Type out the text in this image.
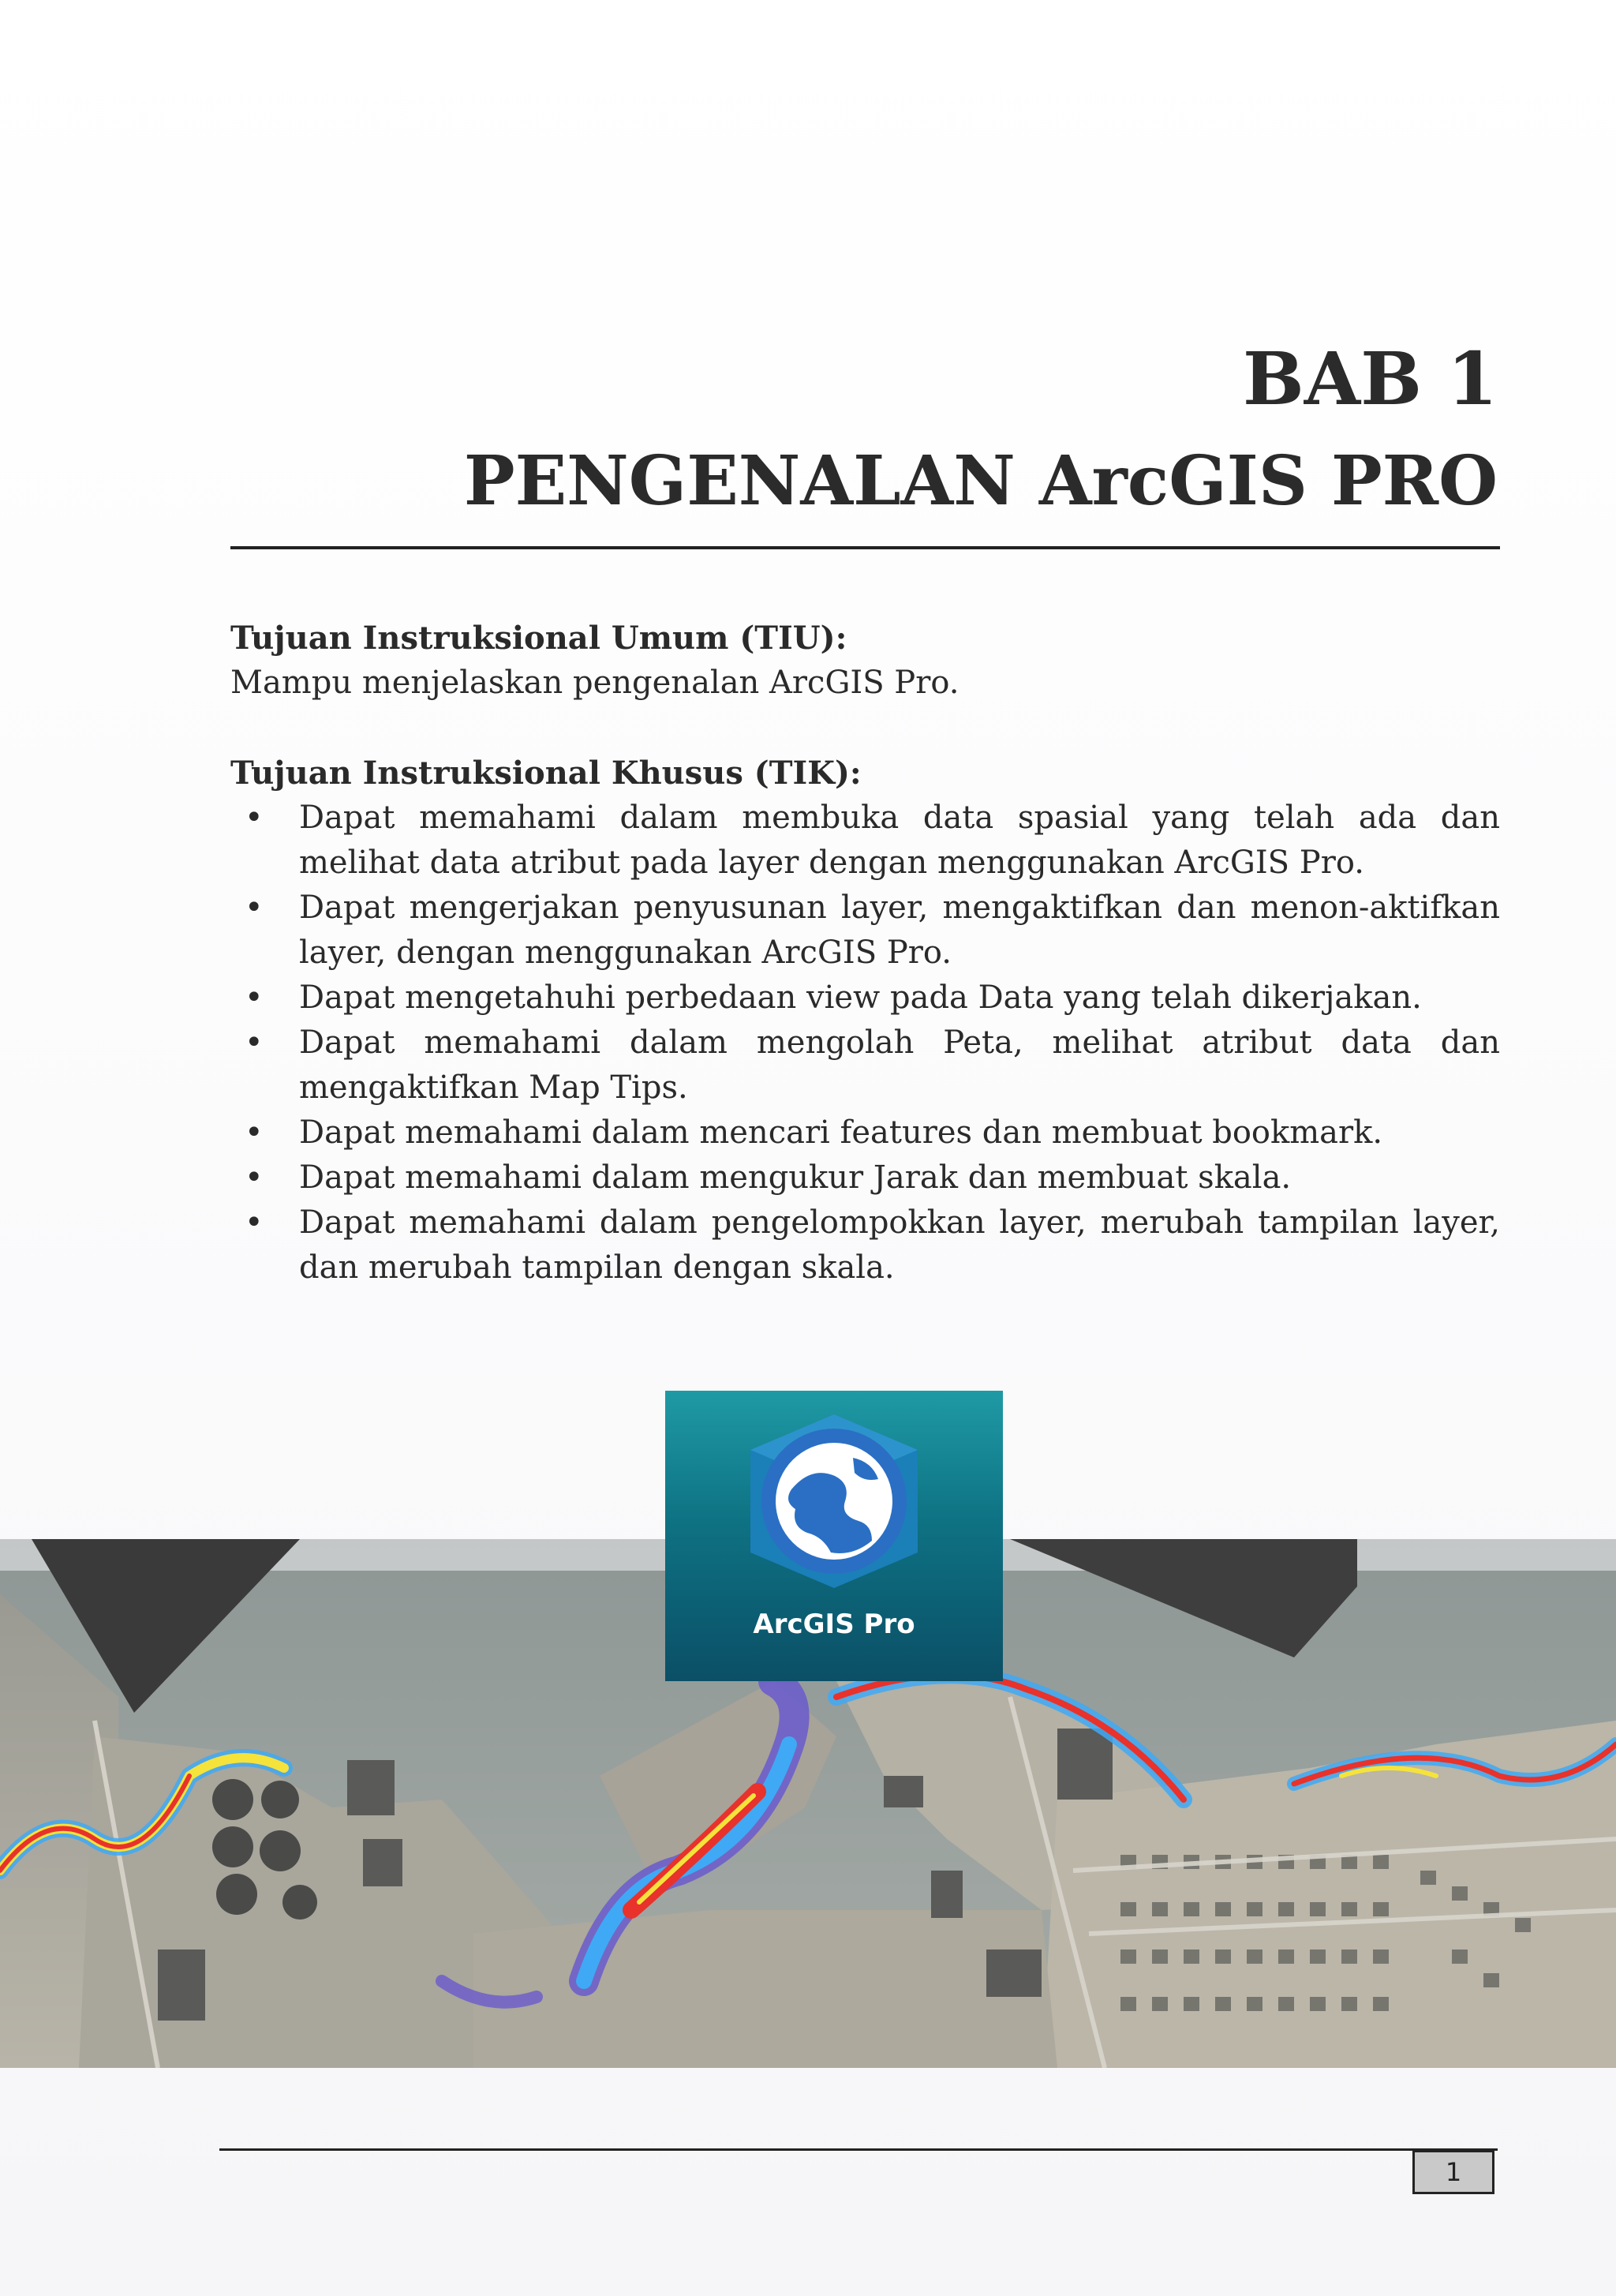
BAB 1

PENGENALAN ArcGIS PRO

Tujuan Instruksional Umum (TIU):

Mampu menjelaskan pengenalan ArcGIS Pro.

Tujuan Instruksional Khusus (TIK):

• Dapat memahami dalam membuka data spasial yang telah ada dan melihat data atribut pada layer dengan menggunakan ArcGIS Pro.
• Dapat mengerjakan penyusunan layer, mengaktifkan dan menon-aktifkan layer, dengan menggunakan ArcGIS Pro.
• Dapat mengetahuhi perbedaan view pada Data yang telah dikerjakan.
• Dapat memahami dalam mengolah Peta, melihat atribut data dan mengaktifkan Map Tips.
• Dapat memahami dalam mencari features dan membuat bookmark.
• Dapat memahami dalam mengukur Jarak dan membuat skala.
• Dapat memahami dalam pengelompokkan layer, merubah tampilan layer, dan merubah tampilan dengan skala.
ArcGIS Pro
1
